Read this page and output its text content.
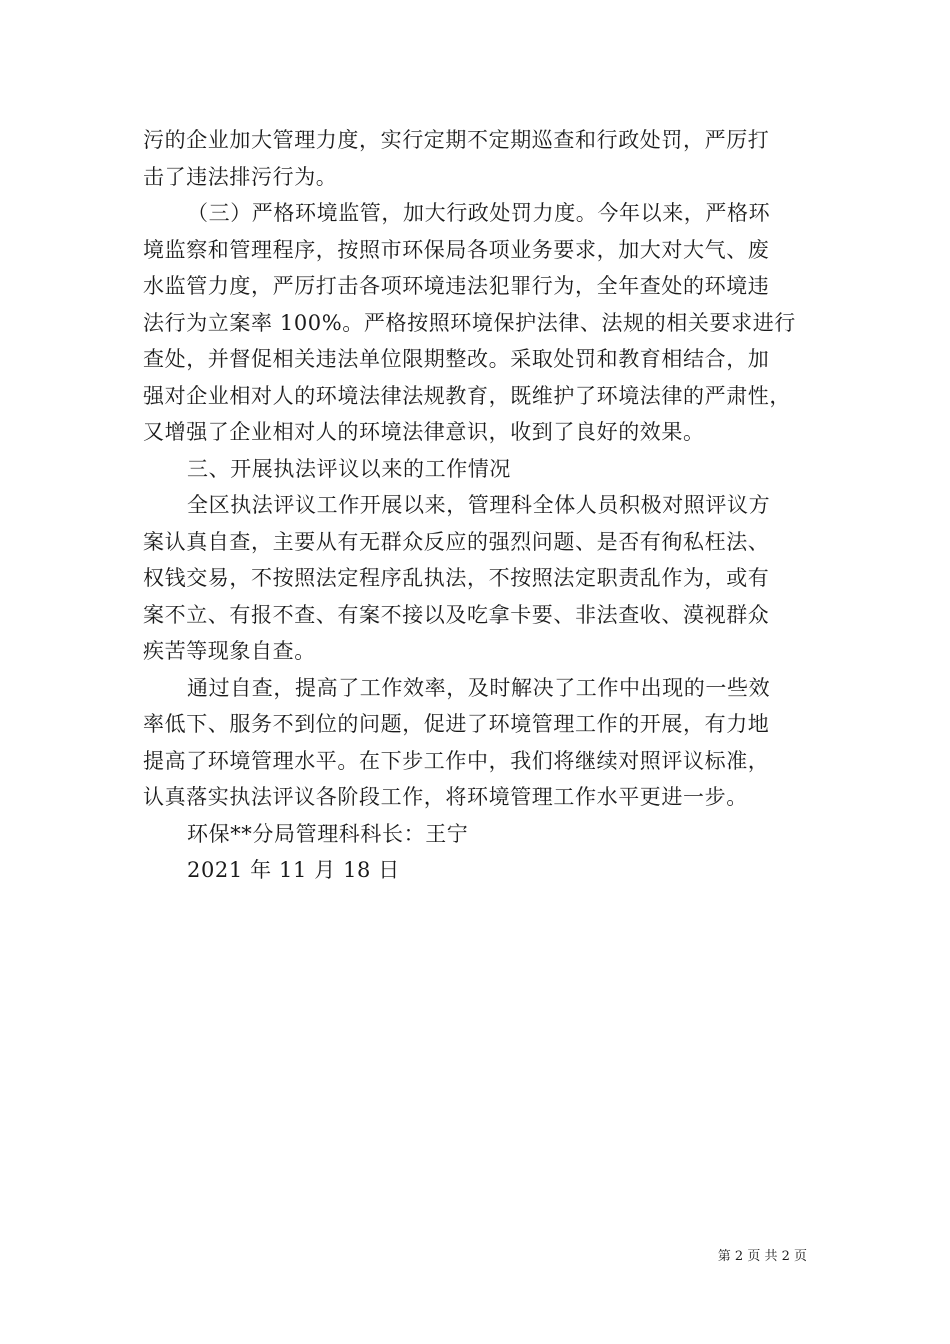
污的企业加大管理力度，实行定期不定期巡查和行政处罚，严厉打
击了违法排污行为。
（三）严格环境监管，加大行政处罚力度。今年以来，严格环
境监察和管理程序，按照市环保局各项业务要求，加大对大气、废
水监管力度，严厉打击各项环境违法犯罪行为，全年查处的环境违
法行为立案率 100%。严格按照环境保护法律、法规的相关要求进行
查处，并督促相关违法单位限期整改。采取处罚和教育相结合，加
强对企业相对人的环境法律法规教育，既维护了环境法律的严肃性，
又增强了企业相对人的环境法律意识，收到了良好的效果。
三、开展执法评议以来的工作情况
全区执法评议工作开展以来，管理科全体人员积极对照评议方
案认真自查，主要从有无群众反应的强烈问题、是否有徇私枉法、
权钱交易，不按照法定程序乱执法，不按照法定职责乱作为，或有
案不立、有报不查、有案不接以及吃拿卡要、非法查收、漠视群众
疾苦等现象自查。
通过自查，提高了工作效率，及时解决了工作中出现的一些效
率低下、服务不到位的问题，促进了环境管理工作的开展，有力地
提高了环境管理水平。在下步工作中，我们将继续对照评议标准，
认真落实执法评议各阶段工作，将环境管理工作水平更进一步。
环保**分局管理科科长：王宁
2021 年 11 月 18 日
第 2 页 共 2 页
